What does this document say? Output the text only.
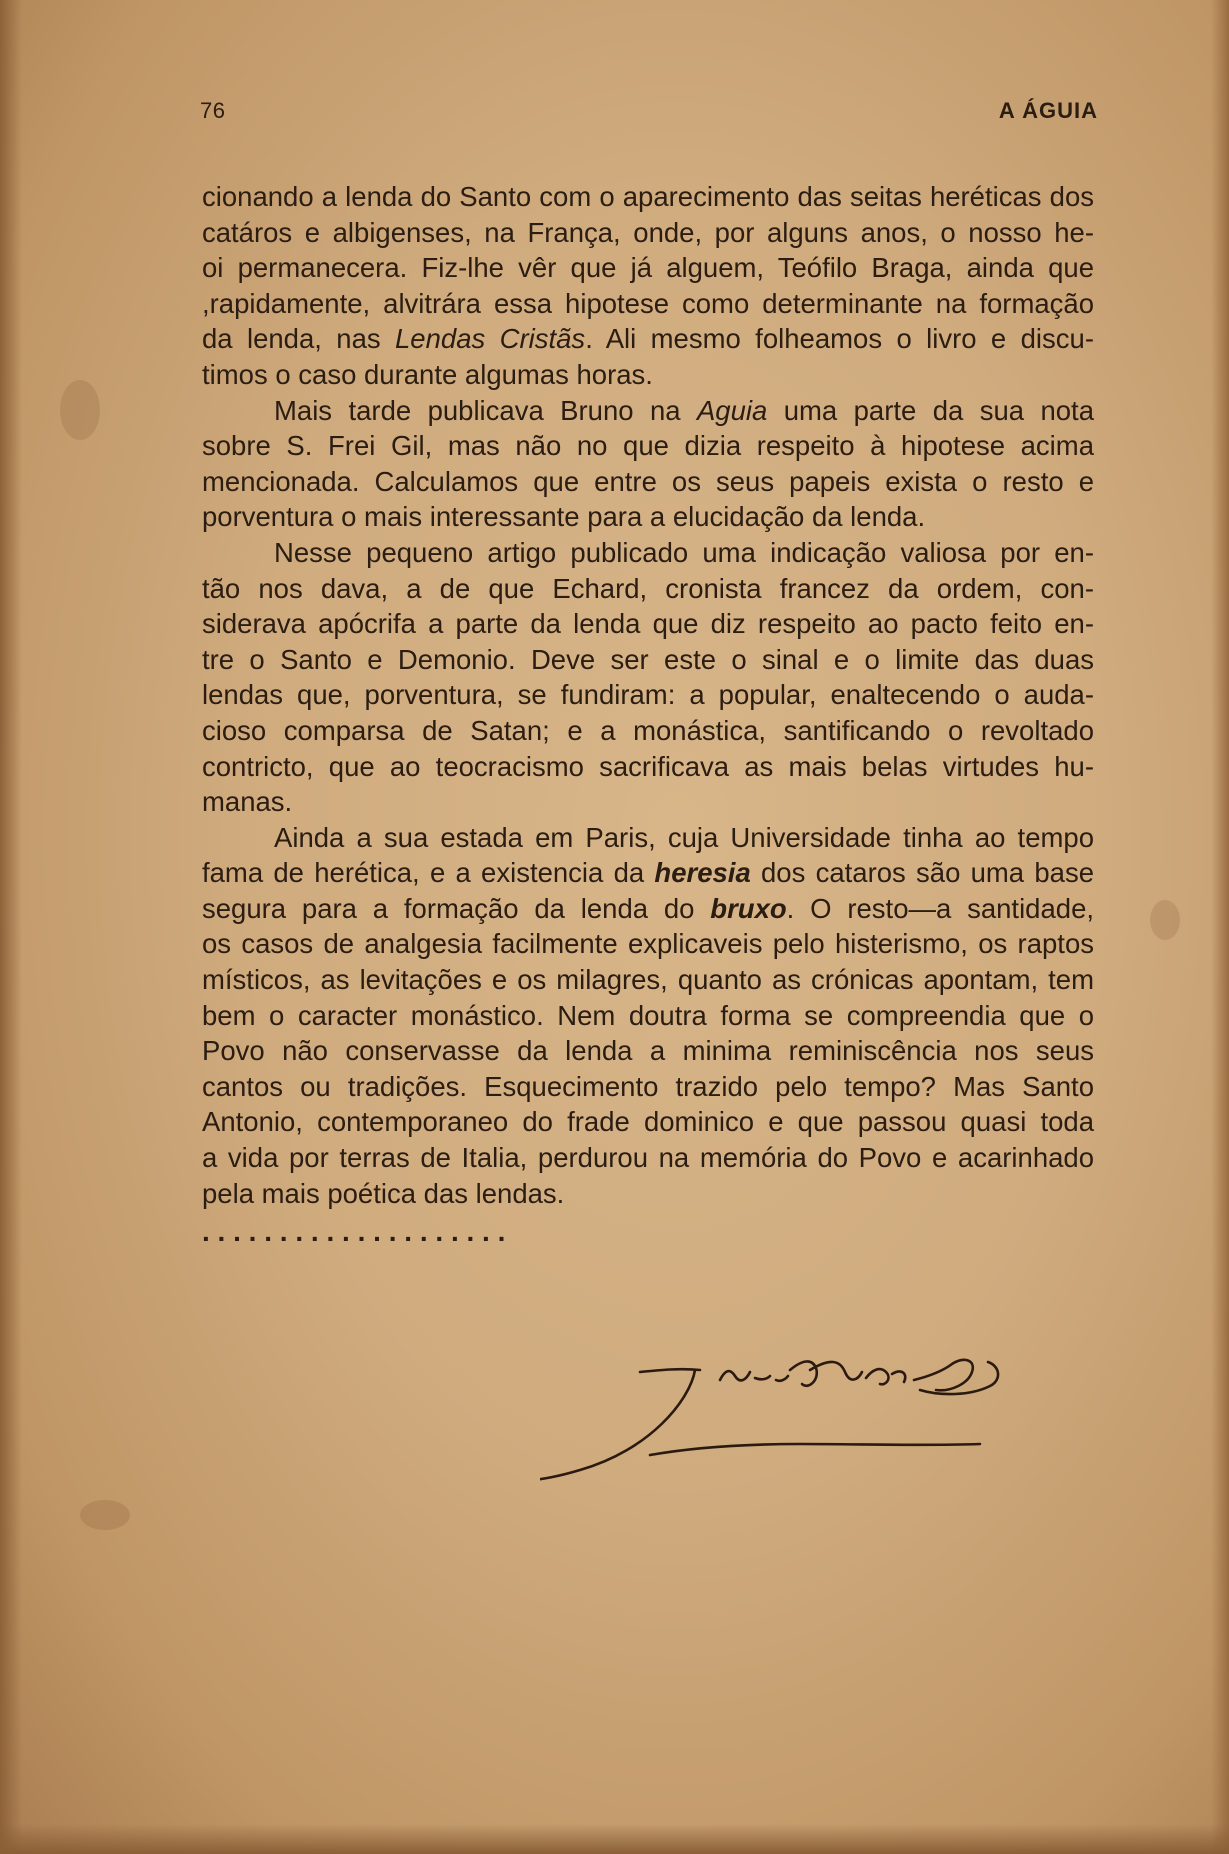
76	A ÁGUIA
cionando a lenda do Santo com o aparecimento das seitas heréticas dos
catáros e albigenses, na França, onde, por alguns anos, o nosso he-
oi permanecera. Fiz-lhe vêr que já alguem, Teófilo Braga, ainda que
,rapidamente, alvitrára essa hipotese como determinante na formação
da lenda, nas Lendas Cristãs. Ali mesmo folheamos o livro e discu-
timos o caso durante algumas horas.
Mais tarde publicava Bruno na Aguia uma parte da sua nota
sobre S. Frei Gil, mas não no que dizia respeito à hipotese acima
mencionada. Calculamos que entre os seus papeis exista o resto e
porventura o mais interessante para a elucidação da lenda.
Nesse pequeno artigo publicado uma indicação valiosa por en-
tão nos dava, a de que Echard, cronista francez da ordem, con-
siderava apócrifa a parte da lenda que diz respeito ao pacto feito en-
tre o Santo e Demonio. Deve ser este o sinal e o limite das duas
lendas que, porventura, se fundiram: a popular, enaltecendo o auda-
cioso comparsa de Satan; e a monástica, santificando o revoltado
contricto, que ao teocracismo sacrificava as mais belas virtudes hu-
manas.
Ainda a sua estada em Paris, cuja Universidade tinha ao tempo
fama de herética, e a existencia da heresia dos cataros são uma base
segura para a formação da lenda do bruxo. O resto—a santidade,
os casos de analgesia facilmente explicaveis pelo histerismo, os raptos
místicos, as levitações e os milagres, quanto as crónicas apontam, tem
bem o caracter monástico. Nem doutra forma se compreendia que o
Povo não conservasse da lenda a minima reminiscência nos seus
cantos ou tradições. Esquecimento trazido pelo tempo? Mas Santo
Antonio, contemporaneo do frade dominico e que passou quasi toda
a vida por terras de Italia, perdurou na memória do Povo e acarinhado
pela mais poética das lendas.
. . . . . . . . . . . . . . . . . . . .
